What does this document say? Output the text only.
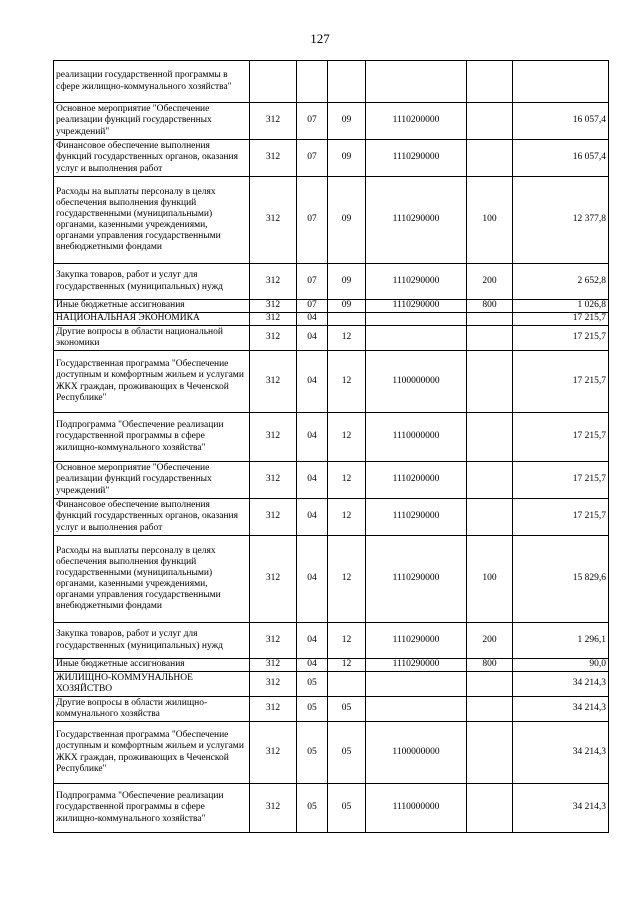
127
реализации государственной программы в сфере жилищно-коммунального хозяйства"						
Основное мероприятие "Обеспечение реализации функций государственных учреждений"	312	07	09	1110200000		16 057,4
Финансовое обеспечение выполнения функций государственных органов, оказания услуг и выполнения работ	312	07	09	1110290000		16 057,4
Расходы на выплаты персоналу в целях обеспечения выполнения функций государственными (муниципальными) органами, казенными учреждениями, органами управления государственными внебюджетными фондами	312	07	09	1110290000	100	12 377,8
Закупка товаров, работ и услуг для государственных (муниципальных) нужд	312	07	09	1110290000	200	2 652,8
Иные бюджетные ассигнования	312	07	09	1110290000	800	1 026,8
НАЦИОНАЛЬНАЯ ЭКОНОМИКА	312	04				17 215,7
Другие вопросы в области национальной экономики	312	04	12			17 215,7
Государственная программа "Обеспечение доступным и комфортным жильем и услугами ЖКХ граждан, проживающих в Чеченской Республике"	312	04	12	1100000000		17 215,7
Подпрограмма "Обеспечение реализации государственной программы в сфере жилищно-коммунального хозяйства"	312	04	12	1110000000		17 215,7
Основное мероприятие "Обеспечение реализации функций государственных учреждений"	312	04	12	1110200000		17 215,7
Финансовое обеспечение выполнения функций государственных органов, оказания услуг и выполнения работ	312	04	12	1110290000		17 215,7
Расходы на выплаты персоналу в целях обеспечения выполнения функций государственными (муниципальными) органами, казенными учреждениями, органами управления государственными внебюджетными фондами	312	04	12	1110290000	100	15 829,6
Закупка товаров, работ и услуг для государственных (муниципальных) нужд	312	04	12	1110290000	200	1 296,1
Иные бюджетные ассигнования	312	04	12	1110290000	800	90,0
ЖИЛИЩНО-КОММУНАЛЬНОЕ ХОЗЯЙСТВО	312	05				34 214,3
Другие вопросы в области жилищно-коммунального хозяйства	312	05	05			34 214,3
Государственная программа "Обеспечение доступным и комфортным жильем и услугами ЖКХ граждан, проживающих в Чеченской Республике"	312	05	05	1100000000		34 214,3
Подпрограмма "Обеспечение реализации государственной программы в сфере жилищно-коммунального хозяйства"	312	05	05	1110000000		34 214,3
